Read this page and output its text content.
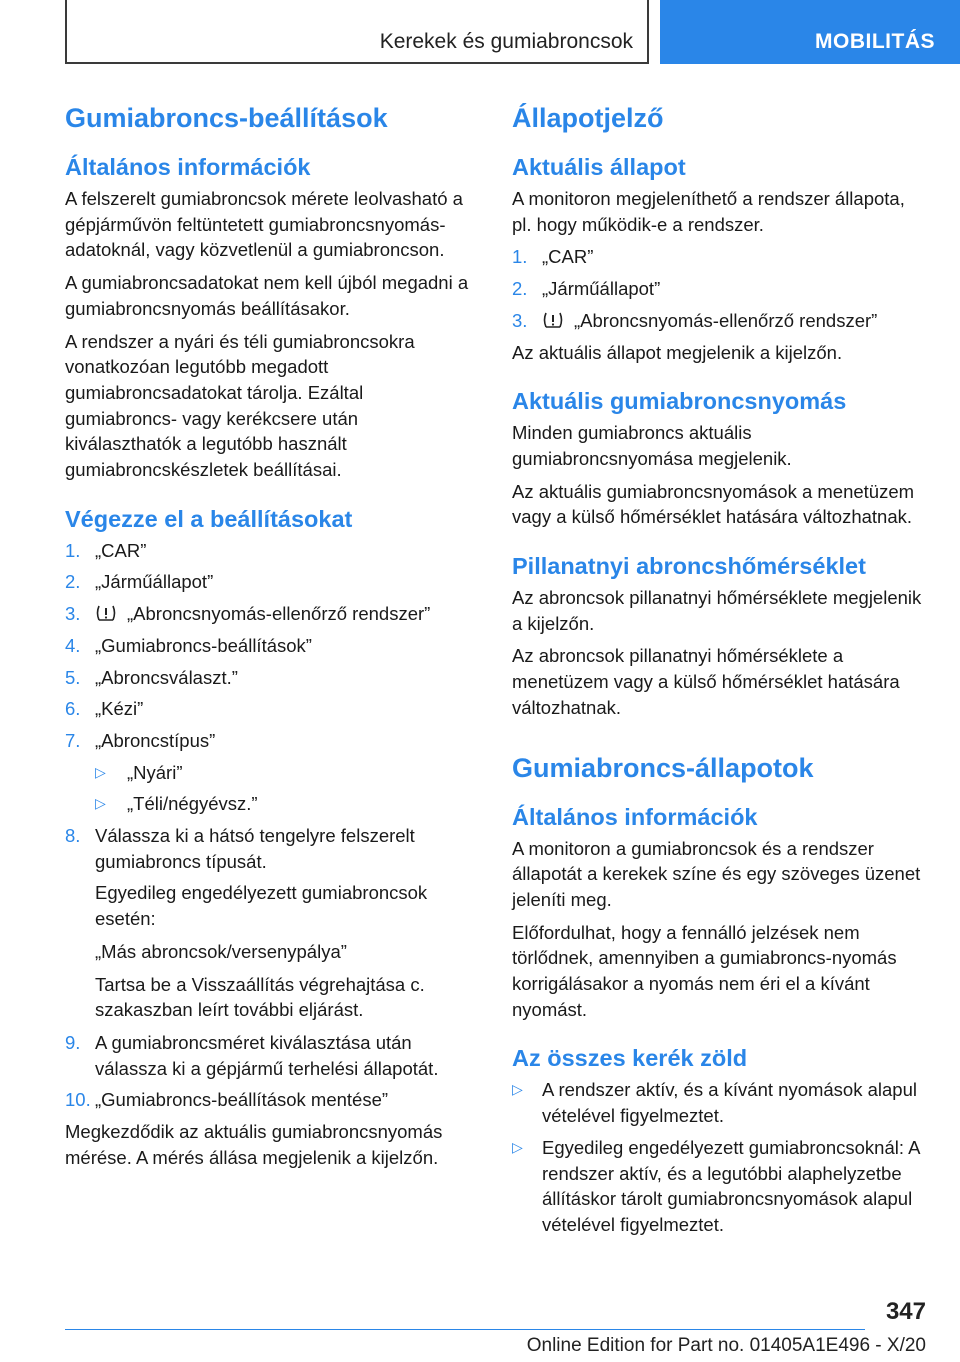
Kerekek és gumiabroncsok	MOBILITÁS
Gumiabroncs-beállítások
Általános információk

A felszerelt gumiabroncsok mérete leolvasható a gépjárművön feltüntetett gumiabroncsnyomás-adatoknál, vagy közvetlenül a gumiabroncson.

A gumiabroncsadatokat nem kell újból megadni a gumiabroncsnyomás beállításakor.

A rendszer a nyári és téli gumiabroncsokra vonatkozóan legutóbb megadott gumiabroncsadatokat tárolja. Ezáltal gumiabroncs- vagy kerékcsere után kiválaszthatók a legutóbb használt gumiabroncskészletek beállításai.

Végezze el a beállításokat
1. „CAR”
2. „Járműállapot”
3.	„Abroncsnyomás-ellenőrző rendszer”
4. „Gumiabroncs-beállítások”
5. „Abroncsválaszt.”
6. „Kézi”
7. „Abroncstípus”
▷ „Nyári”
▷ „Téli/négyévsz.”
8. Válassza ki a hátsó tengelyre felszerelt gumiabroncs típusát.
Egyedileg engedélyezett gumiabroncsok esetén:
„Más abroncsok/versenypálya”
Tartsa be a Visszaállítás végrehajtása c. szakaszban leírt további eljárást.
9. A gumiabroncsméret kiválasztása után válassza ki a gépjármű terhelési állapotát.
10. „Gumiabroncs-beállítások mentése”

Megkezdődik az aktuális gumiabroncsnyomás mérése. A mérés állása megjelenik a kijelzőn.

Állapotjelző
Aktuális állapot

A monitoron megjeleníthető a rendszer állapota, pl. hogy működik-e a rendszer.

1. „CAR”
2. „Járműállapot”
3.	„Abroncsnyomás-ellenőrző rendszer”

Az aktuális állapot megjelenik a kijelzőn.

Aktuális gumiabroncsnyomás

Minden gumiabroncs aktuális gumiabroncsnyomása megjelenik.

Az aktuális gumiabroncsnyomások a menetüzem vagy a külső hőmérséklet hatására változhatnak.

Pillanatnyi abroncshőmérséklet

Az abroncsok pillanatnyi hőmérséklete megjelenik a kijelzőn.

Az abroncsok pillanatnyi hőmérséklete a menetüzem vagy a külső hőmérséklet hatására változhatnak.

Gumiabroncs-állapotok
Általános információk

A monitoron a gumiabroncsok és a rendszer állapotát a kerekek színe és egy szöveges üzenet jeleníti meg.

Előfordulhat, hogy a fennálló jelzések nem törlődnek, amennyiben a gumiabroncs-nyomás korrigálásakor a nyomás nem éri el a kívánt nyomást.

Az összes kerék zöld
▷ A rendszer aktív, és a kívánt nyomások alapul vételével figyelmeztet.
▷ Egyedileg engedélyezett gumiabroncsoknál: A rendszer aktív, és a legutóbbi alaphelyzetbe állításkor tárolt gumiabroncsnyomások alapul vételével figyelmeztet.
347
Online Edition for Part no. 01405A1E496 - X/20
